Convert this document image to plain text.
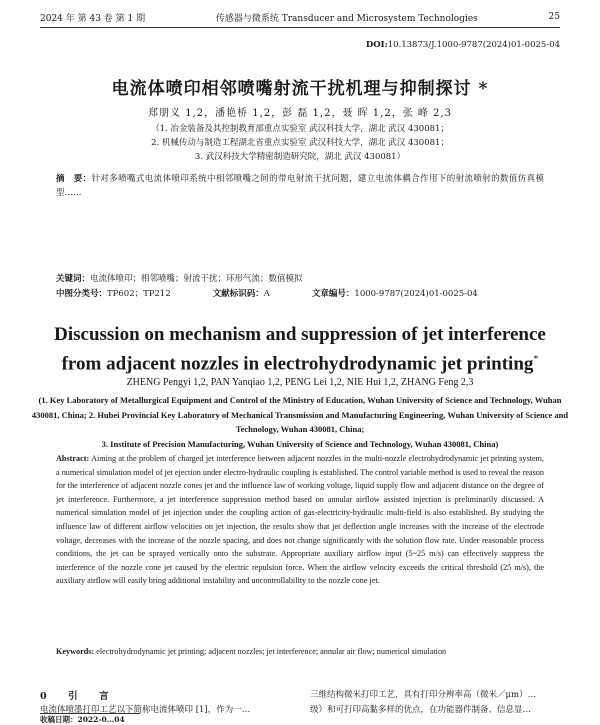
2024 年 第 43 卷 第 1 期	传感器与微系统 Transducer and Microsystem Technologies	25
DOI:10.13873/J.1000-9787(2024)01-0025-04
电流体喷印相邻喷嘴射流干扰机理与抑制探讨 *
郑朋义 1,2，潘艳桥 1,2，彭 磊 1,2，聂 晖 1,2，张 峰 2,3
（1. 冶金装备及其控制教育部重点实验室 武汉科技大学，湖北 武汉 430081；
2. 机械传动与制造工程湖北省重点实验室 武汉科技大学，湖北 武汉 430081；
3. 武汉科技大学精密制造研究院，湖北 武汉 430081）
摘　要：针对多喷嘴式电流体喷印系统中相邻喷嘴之间的带电射流干扰问题，建立电流体耦合作用下的射流喷射的数值仿真模型……
关键词：电流体喷印；相邻喷嘴；射流干扰；环形气流；数值模拟
中图分类号：TP602；TP212	文献标识码：A	文章编号：1000-9787(2024)01-0025-04
Discussion on mechanism and suppression of jet interference
from adjacent nozzles in electrohydrodynamic jet printing*
ZHENG Pengyi 1,2, PAN Yanqiao 1,2, PENG Lei 1,2, NIE Hui 1,2, ZHANG Feng 2,3
(1. Key Laboratory of Metallurgical Equipment and Control of the Ministry of Education, Wuhan University of Science and Technology, Wuhan 430081, China; 2. Hubei Provincial Key Laboratory of Mechanical Transmission and Manufacturing Engineering, Wuhan University of Science and Technology, Wuhan 430081, China;
3. Institute of Precision Manufacturing, Wuhan University of Science and Technology, Wuhan 430081, China)
Abstract: Aiming at the problem of charged jet interference between adjacent nozzles in the multi-nozzle electrohydrodynamic jet printing system, a numerical simulation model of jet ejection under electro-hydraulic coupling is established. The control variable method is used to reveal the reason for the interference of adjacent nozzle cones jet and the influence law of working voltage, liquid supply flow and adjacent distance on the degree of jet interference. Furthermore, a jet interference suppression method based on annular airflow assisted injection is preliminarily discussed. A numerical simulation model of jet injection under the coupling action of gas-electricity-hydraulic multi-field is also established. By studying the influence law of different airflow velocities on jet injection, the results show that jet deflection angle increases with the increase of the electrode voltage, decreases with the increase of the nozzle spacing, and does not change significantly with the solution flow rate. Under reasonable process conditions, the jet can be sprayed vertically onto the substrate. Appropriate auxiliary airflow input (5~25 m/s) can effectively suppress the interference of the nozzle cone jet caused by the electric repulsion force. When the airflow velocity exceeds the critical threshold (25 m/s), the auxiliary airflow will easily bring additional instability and uncontrollability to the nozzle cone jet.
Keywords: electrohydrodynamic jet printing; adjacent nozzles; jet interference; annular air flow; numerical simulation
0　引　言
电流体喷墨打印工艺以下简称电流体喷印 [1]，作为一…
三维结构微米打印工艺，具有打印分辨率高（微米／μm）…
级）和可打印高黏多样的优点，在功能器件制备、信息显…
收稿日期：2022-0…04
